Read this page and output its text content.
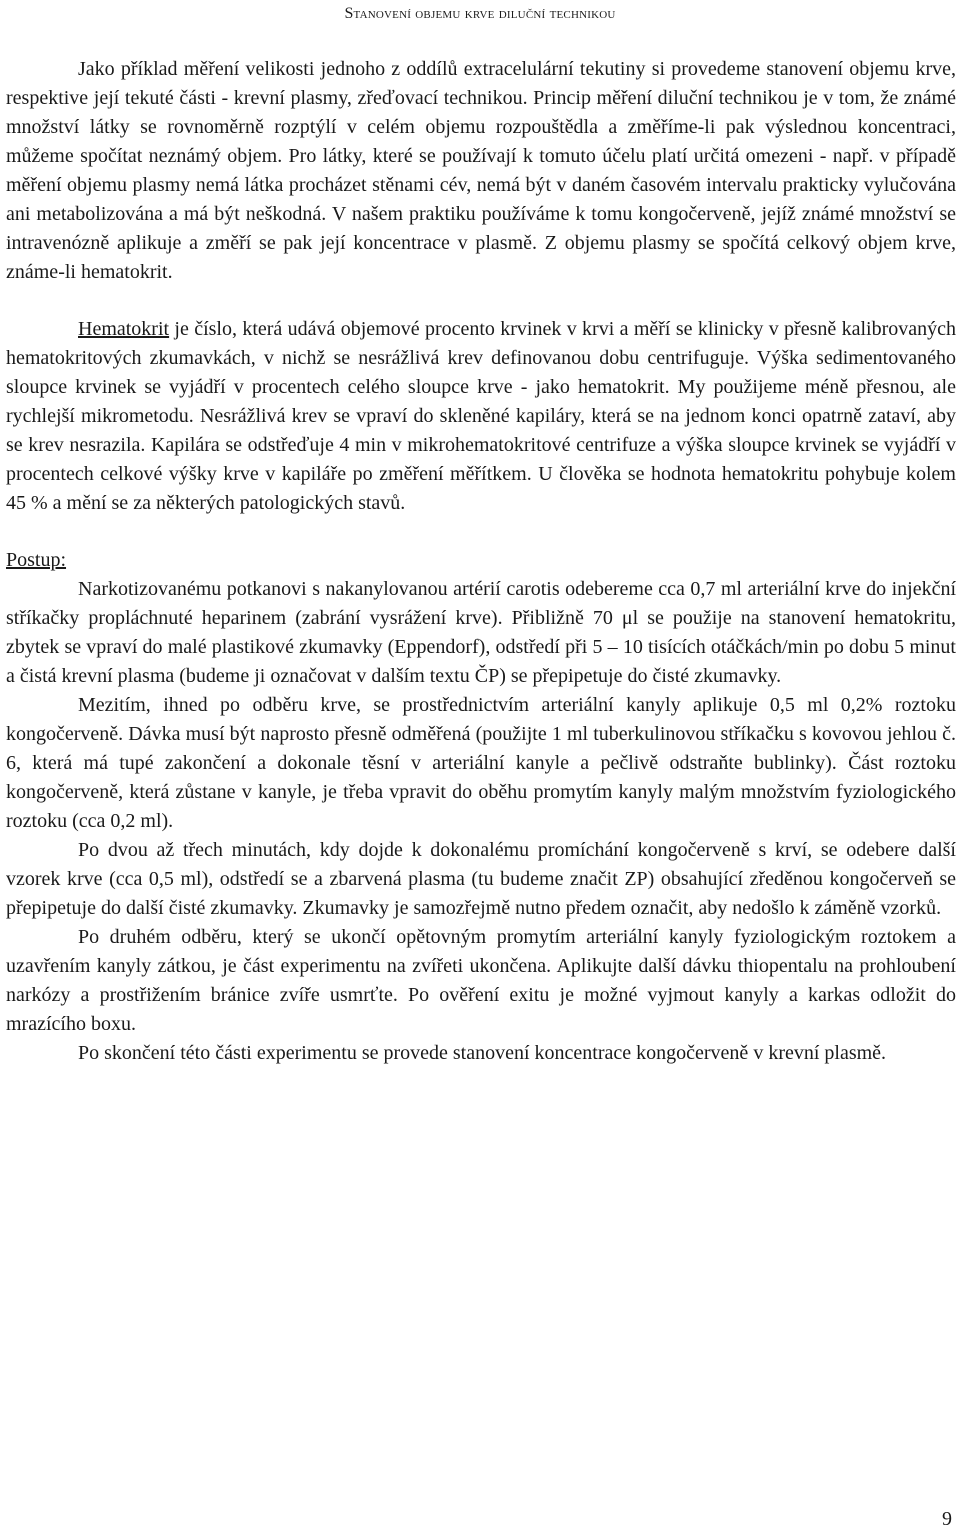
Stanovení objemu krve diluční technikou

Jako příklad měření velikosti jednoho z oddílů extracelulární tekutiny si provedeme stanovení objemu krve, respektive její tekuté části - krevní plasmy, zřeďovací technikou. Princip měření diluční technikou je v tom, že známé množství látky se rovnoměrně rozptýlí v celém objemu rozpouštědla a změříme-li pak výslednou koncentraci, můžeme spočítat neznámý objem. Pro látky, které se používají k tomuto účelu platí určitá omezeni - např. v případě měření objemu plasmy nemá látka procházet stěnami cév, nemá být v daném časovém intervalu prakticky vylučována ani metabolizována a má být neškodná. V našem praktiku používáme k tomu kongočerveně, jejíž známé množství se intravenózně aplikuje a změří se pak její koncentrace v plasmě. Z objemu plasmy se spočítá celkový objem krve, známe-li hematokrit.

Hematokrit je číslo, která udává objemové procento krvinek v krvi a měří se klinicky v přesně kalibrovaných hematokritových zkumavkách, v nichž se nesrážlivá krev definovanou dobu centrifuguje. Výška sedimentovaného sloupce krvinek se vyjádří v procentech celého sloupce krve - jako hematokrit. My použijeme méně přesnou, ale rychlejší mikrometodu. Nesrážlivá krev se vpraví do skleněné kapiláry, která se na jednom konci opatrně zataví, aby se krev nesrazila. Kapilára se odstřeďuje 4 min v mikrohematokritové centrifuze a výška sloupce krvinek se vyjádří v procentech celkové výšky krve v kapiláře po změření měřítkem. U člověka se hodnota hematokritu pohybuje kolem 45 % a mění se za některých patologických stavů.

Postup:

Narkotizovanému potkanovi s nakanylovanou artérií carotis odebereme cca 0,7 ml arteriální krve do injekční stříkačky propláchnuté heparinem (zabrání vysrážení krve). Přibližně 70 μl se použije na stanovení hematokritu, zbytek se vpraví do malé plastikové zkumavky (Eppendorf), odstředí při 5 – 10 tisících otáčkách/min po dobu 5 minut a čistá krevní plasma (budeme ji označovat v dalším textu ČP) se přepipetuje do čisté zkumavky.

Mezitím, ihned po odběru krve, se prostřednictvím arteriální kanyly aplikuje 0,5 ml 0,2% roztoku kongočerveně. Dávka musí být naprosto přesně odměřená (použijte 1 ml tuberkulinovou stříkačku s kovovou jehlou č. 6, která má tupé zakončení a dokonale těsní v arteriální kanyle a pečlivě odstraňte bublinky). Část roztoku kongočerveně, která zůstane v kanyle, je třeba vpravit do oběhu promytím kanyly malým množstvím fyziologického roztoku (cca 0,2 ml).

Po dvou až třech minutách, kdy dojde k dokonalému promíchání kongočerveně s krví, se odebere další vzorek krve (cca 0,5 ml), odstředí se a zbarvená plasma (tu budeme značit ZP) obsahující zředěnou kongočerveň se přepipetuje do další čisté zkumavky. Zkumavky je samozřejmě nutno předem označit, aby nedošlo k záměně vzorků.

Po druhém odběru, který se ukončí opětovným promytím arteriální kanyly fyziologickým roztokem a uzavřením kanyly zátkou, je část experimentu na zvířeti ukončena. Aplikujte další dávku thiopentalu na prohloubení narkózy a prostřižením bránice zvíře usmrťte. Po ověření exitu je možné vyjmout kanyly a karkas odložit do mrazícího boxu.

Po skončení této části experimentu se provede stanovení koncentrace kongočerveně v krevní plasmě.

9
